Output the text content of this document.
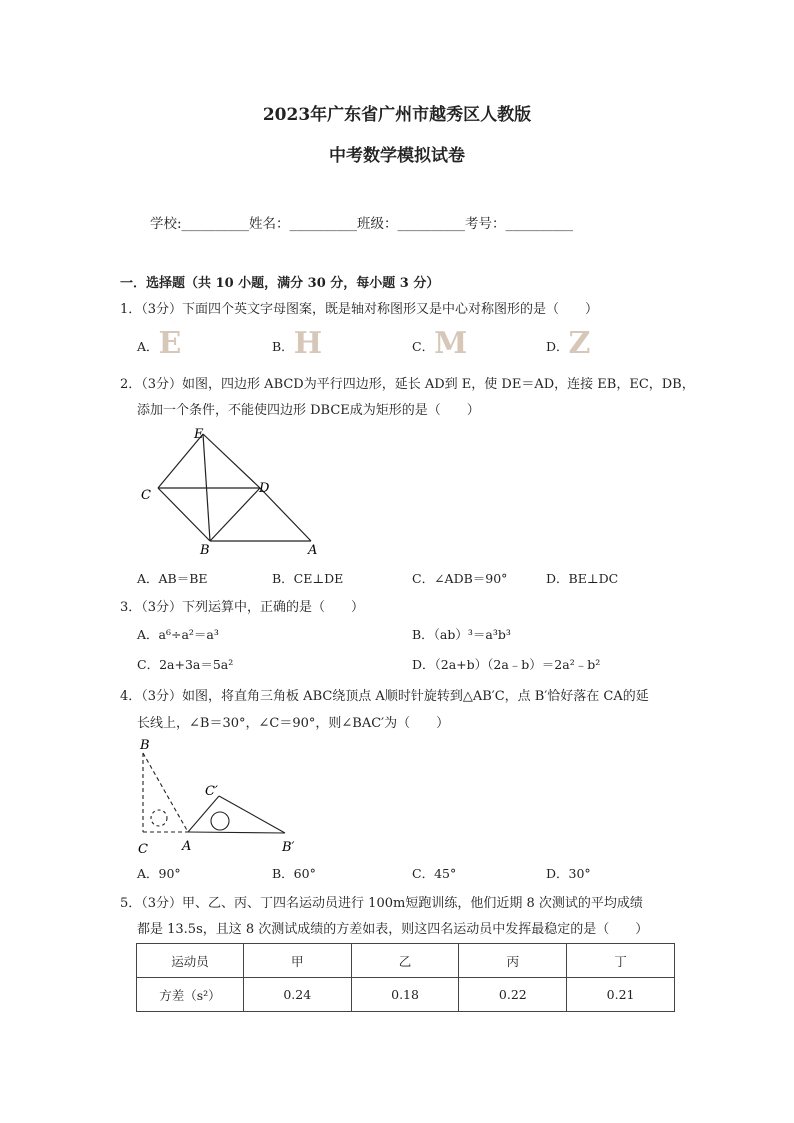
2023年广东省广州市越秀区人教版
中考数学模拟试卷
学校:__________姓名：__________班级：__________考号：__________
一．选择题（共 10 小题，满分 30 分，每小题 3 分）
1．（3分）下面四个英文字母图案，既是轴对称图形又是中心对称图形的是（　　）
A．E	B．H	C．M	D．Z
2．（3分）如图，四边形 ABCD为平行四边形，延长 AD到 E，使 DE＝AD，连接 EB，EC，DB，
添加一个条件，不能使四边形 DBCE成为矩形的是（　　）
E
C	D
B	A
A．AB＝BE	B．CE⊥DE	C．∠ADB＝90°	D．BE⊥DC
3．（3分）下列运算中，正确的是（　　）
A．a⁶÷a²＝a³	B．（ab）³＝a³b³
C．2a+3a＝5a²	D．（2a+b）（2a﹣b）＝2a²﹣b²
4．（3分）如图，将直角三角板 ABC绕顶点 A顺时针旋转到△AB′C，点 B′恰好落在 CA的延
长线上，∠B＝30°，∠C＝90°，则∠BAC′为（　　）
B
C	A
C′
B′
A．90°	B．60°	C．45°	D．30°
5．（3分）甲、乙、丙、丁四名运动员进行 100m短跑训练，他们近期 8 次测试的平均成绩
都是 13.5s，且这 8 次测试成绩的方差如表，则这四名运动员中发挥最稳定的是（　　）
运动员	甲	乙	丙	丁
方差（s²）	0.24	0.18	0.22	0.21
